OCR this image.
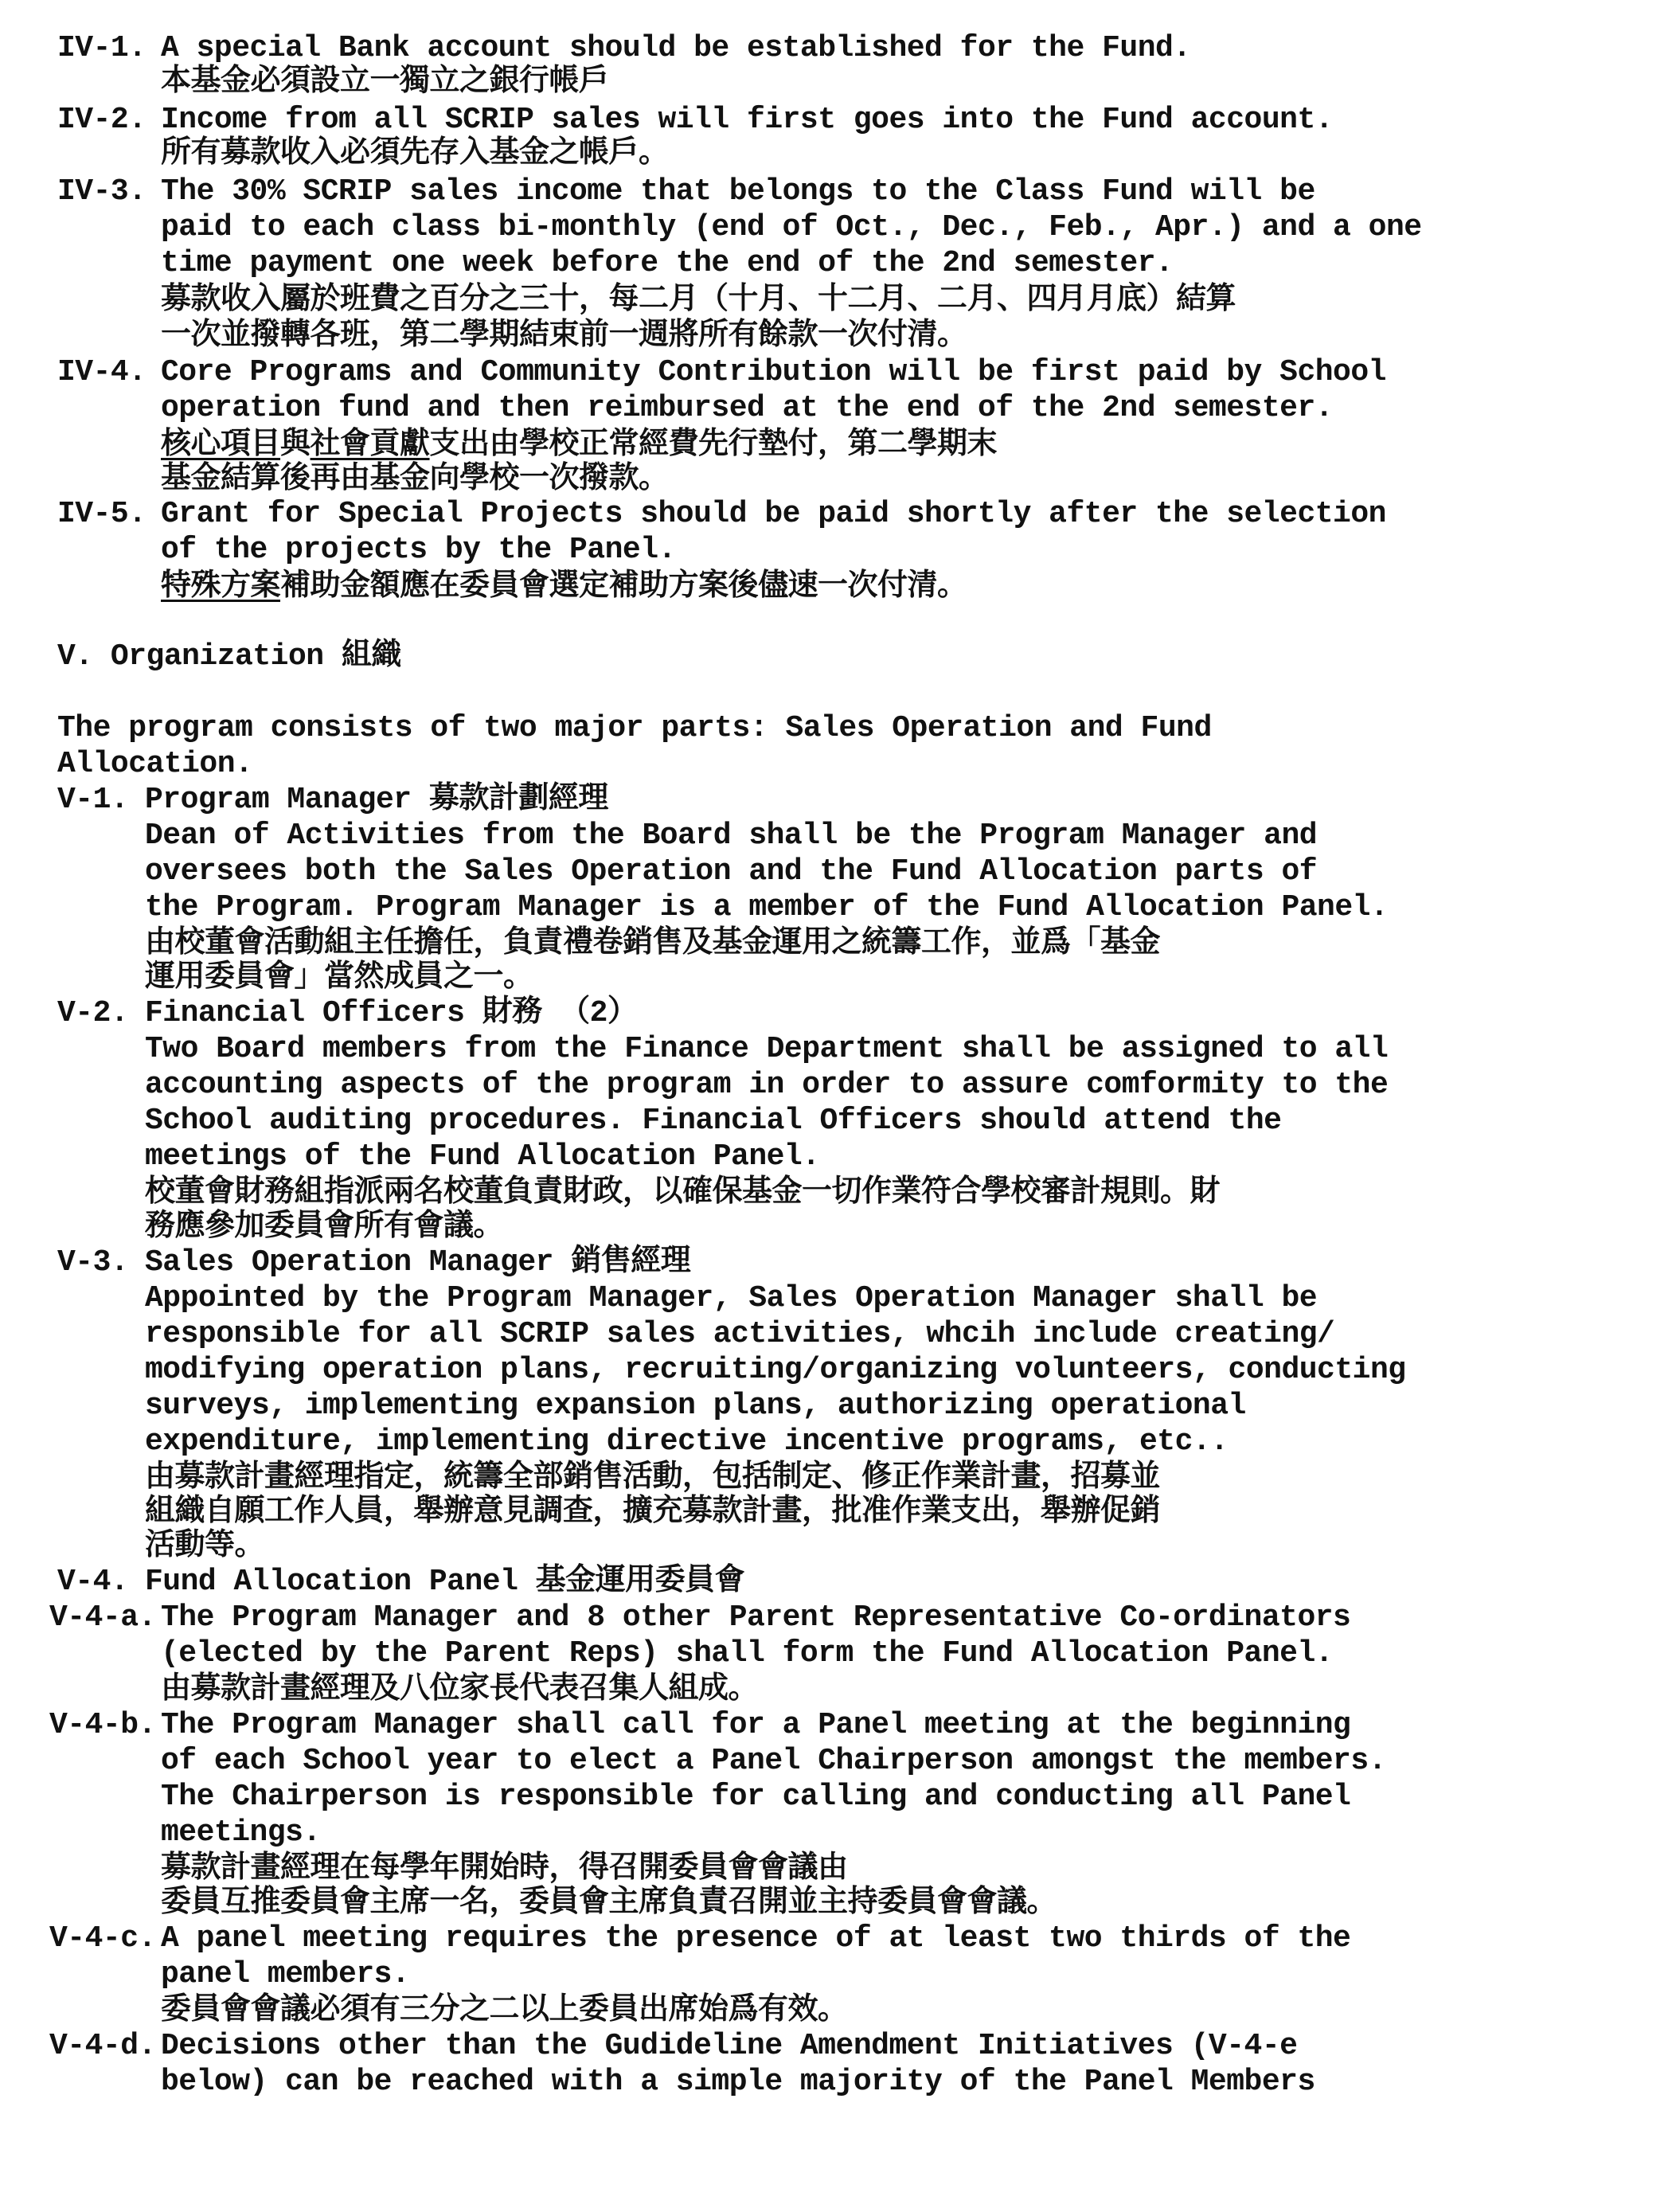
IV-1. A special Bank account should be established for the Fund.
本基金必須設立一獨立之銀行帳戶
IV-2. Income from all SCRIP sales will first goes into the Fund account.
所有募款收入必須先存入基金之帳戶。
IV-3. The 30% SCRIP sales income that belongs to the Class Fund will be
paid to each class bi-monthly (end of Oct., Dec., Feb., Apr.) and a one
time payment one week before the end of the 2nd semester.
募款收入屬於班費之百分之三十，每二月（十月、十二月、二月、四月月底）結算
一次並撥轉各班，第二學期結束前一週將所有餘款一次付清。
IV-4. Core Programs and Community Contribution will be first paid by School
operation fund and then reimbursed at the end of the 2nd semester.
核心項目與社會貢獻支出由學校正常經費先行墊付，第二學期末
基金結算後再由基金向學校一次撥款。
IV-5. Grant for Special Projects should be paid shortly after the selection
of the projects by the Panel.
特殊方案補助金額應在委員會選定補助方案後儘速一次付清。
V. Organization 組織
The program consists of two major parts: Sales Operation and Fund
Allocation.
V-1. Program Manager 募款計劃經理
Dean of Activities from the Board shall be the Program Manager and
oversees both the Sales Operation and the Fund Allocation parts of
the Program. Program Manager is a member of the Fund Allocation Panel.
由校董會活動組主任擔任，負責禮卷銷售及基金運用之統籌工作，並爲「基金
運用委員會」當然成員之一。
V-2. Financial Officers 財務 （2）
Two Board members from the Finance Department shall be assigned to all
accounting aspects of the program in order to assure comformity to the
School auditing procedures. Financial Officers should attend the
meetings of the Fund Allocation Panel.
校董會財務組指派兩名校董負責財政，以確保基金一切作業符合學校審計規則。財
務應參加委員會所有會議。
V-3. Sales Operation Manager 銷售經理
Appointed by the Program Manager, Sales Operation Manager shall be
responsible for all SCRIP sales activities, whcih include creating/
modifying operation plans, recruiting/organizing volunteers, conducting
surveys, implementing expansion plans, authorizing operational
expenditure, implementing directive incentive programs, etc..
由募款計畫經理指定，統籌全部銷售活動，包括制定、修正作業計畫，招募並
組織自願工作人員，舉辦意見調查，擴充募款計畫，批准作業支出，舉辦促銷
活動等。
V-4. Fund Allocation Panel 基金運用委員會
V-4-a. The Program Manager and 8 other Parent Representative Co-ordinators
(elected by the Parent Reps) shall form the Fund Allocation Panel.
由募款計畫經理及八位家長代表召集人組成。
V-4-b. The Program Manager shall call for a Panel meeting at the beginning
of each School year to elect a Panel Chairperson amongst the members.
The Chairperson is responsible for calling and conducting all Panel
meetings.
募款計畫經理在每學年開始時，得召開委員會會議由
委員互推委員會主席一名，委員會主席負責召開並主持委員會會議。
V-4-c. A panel meeting requires the presence of at least two thirds of the
panel members.
委員會會議必須有三分之二以上委員出席始爲有效。
V-4-d. Decisions other than the Gudideline Amendment Initiatives (V-4-e
below) can be reached with a simple majority of the Panel Members
